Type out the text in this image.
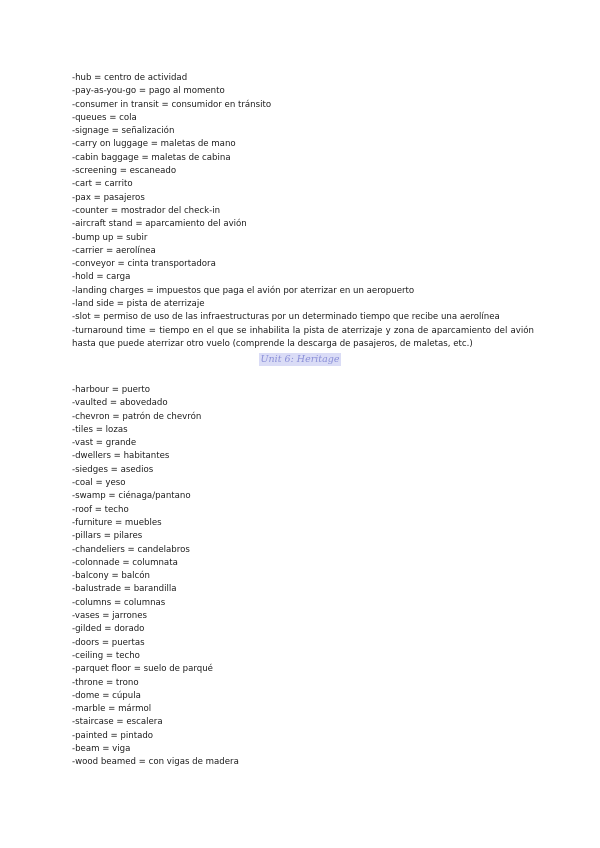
-hub = centro de actividad
-pay-as-you-go = pago al momento
-consumer in transit = consumidor en tránsito
-queues = cola
-signage = señalización
-carry on luggage = maletas de mano
-cabin baggage = maletas de cabina
-screening = escaneado
-cart = carrito
-pax = pasajeros
-counter = mostrador del check-in
-aircraft stand = aparcamiento del avión
-bump up = subir
-carrier = aerolínea
-conveyor = cinta transportadora
-hold = carga
-landing charges = impuestos que paga el avión por aterrizar en un aeropuerto
-land side = pista de aterrizaje
-slot = permiso de uso de las infraestructuras por un determinado tiempo que recibe una aerolínea
-turnaround time = tiempo en el que se inhabilita la pista de aterrizaje y zona de aparcamiento del avión hasta que puede aterrizar otro vuelo (comprende la descarga de pasajeros, de maletas, etc.)
Unit 6: Heritage
-harbour = puerto
-vaulted = abovedado
-chevron = patrón de chevrón
-tiles = lozas
-vast = grande
-dwellers = habitantes
-siedges = asedios
-coal = yeso
-swamp = ciénaga/pantano
-roof = techo
-furniture = muebles
-pillars = pilares
-chandeliers = candelabros
-colonnade = columnata
-balcony = balcón
-balustrade = barandilla
-columns = columnas
-vases = jarrones
-gilded = dorado
-doors = puertas
-ceiling = techo
-parquet floor = suelo de parqué
-throne = trono
-dome = cúpula
-marble = mármol
-staircase = escalera
-painted = pintado
-beam = viga
-wood beamed = con vigas de madera
